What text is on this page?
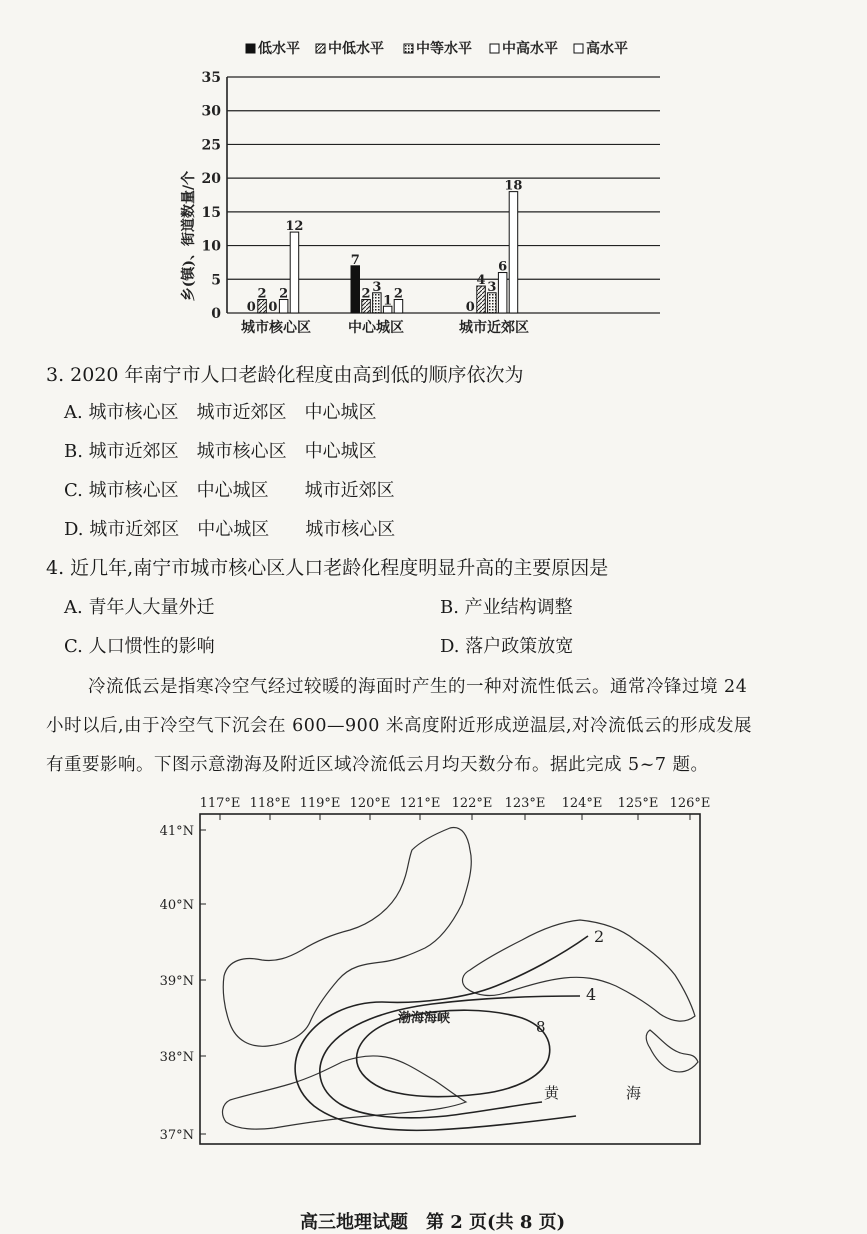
低水平 中低水平 中等水平 中高水平 高水平
0
5
10
15
20
25
30
35
0
2
0
2
12
7
2 3
1 2
0
4 3
6
18
城市核心区	中心城区	城市近郊区
乡(镇)、街道数量/个
3. 2020 年南宁市人口老龄化程度由高到低的顺序依次为
A. 城市核心区　城市近郊区　中心城区
B. 城市近郊区　城市核心区　中心城区
C. 城市核心区　中心城区　　城市近郊区
D. 城市近郊区　中心城区　　城市核心区
4. 近几年,南宁市城市核心区人口老龄化程度明显升高的主要原因是
A. 青年人大量外迁	B. 产业结构调整
C. 人口惯性的影响	D. 落户政策放宽
冷流低云是指寒冷空气经过较暖的海面时产生的一种对流性低云。通常冷锋过境 24
小时以后,由于冷空气下沉会在 600—900 米高度附近形成逆温层,对冷流低云的形成发展
有重要影响。下图示意渤海及附近区域冷流低云月均天数分布。据此完成 5~7 题。
117°E 118°E 119°E 120°E 121°E 122°E 123°E 124°E 125°E 126°E
41°N
40°N
39°N
38°N
37°N
2
4
8
渤海海峡
黄	海
高三地理试题　第 2 页(共 8 页)
